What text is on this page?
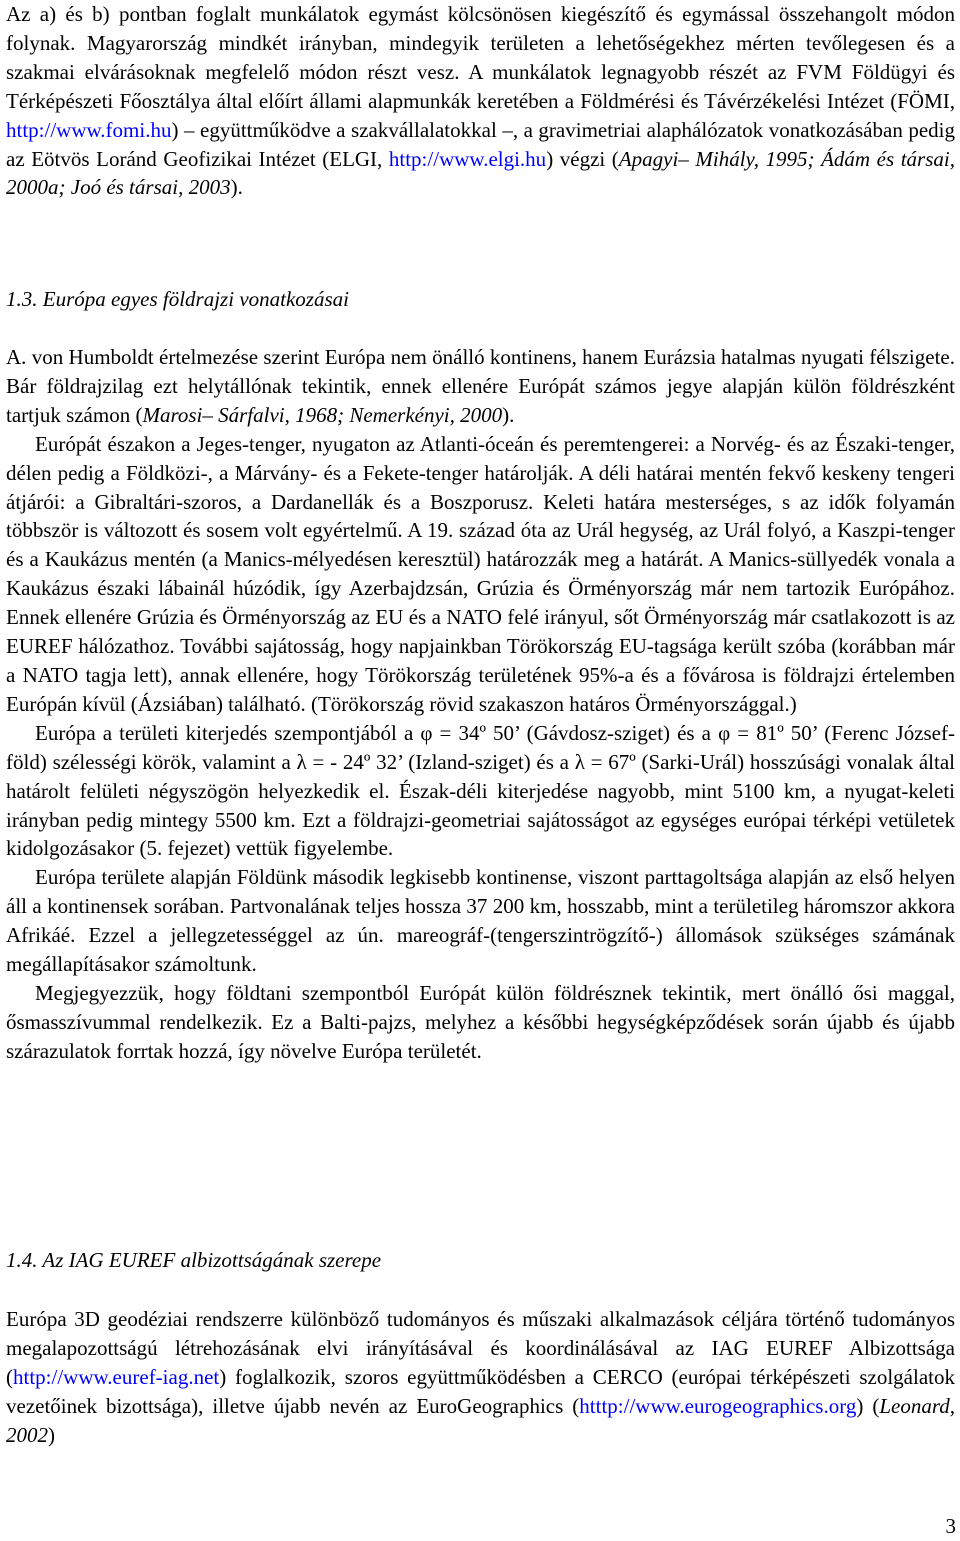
Az a) és b) pontban foglalt munkálatok egymást kölcsönösen kiegészítő és egymással összehangolt módon folynak. Magyarország mindkét irányban, mindegyik területen a lehetőségekhez mérten tevőlegesen és a szakmai elvárásoknak megfelelő módon részt vesz. A munkálatok legnagyobb részét az FVM Földügyi és Térképészeti Főosztálya által előírt állami alapmunkák keretében a Földmérési és Távérzékelési Intézet (FÖMI, http://www.fomi.hu) – együttműködve a szakvállalatokkal –, a gravimetriai alaphálózatok vonatkozásában pedig az Eötvös Loránd Geofizikai Intézet (ELGI, http://www.elgi.hu) végzi (Apagyi– Mihály, 1995; Ádám és társai, 2000a; Joó és társai, 2003).

1.3. Európa egyes földrajzi vonatkozásai

A. von Humboldt értelmezése szerint Európa nem önálló kontinens, hanem Eurázsia hatalmas nyugati félszigete. Bár földrajzilag ezt helytállónak tekintik, ennek ellenére Európát számos jegye alapján külön földrészként tartjuk számon (Marosi– Sárfalvi, 1968; Nemerkényi, 2000).

Európát északon a Jeges-tenger, nyugaton az Atlanti-óceán és peremtengerei: a Norvég- és az Északi-tenger, délen pedig a Földközi-, a Márvány- és a Fekete-tenger határolják. A déli határai mentén fekvő keskeny tengeri átjárói: a Gibraltári-szoros, a Dardanellák és a Boszporusz. Keleti határa mesterséges, s az idők folyamán többször is változott és sosem volt egyértelmű. A 19. század óta az Urál hegység, az Urál folyó, a Kaszpi-tenger és a Kaukázus mentén (a Manics-mélyedésen keresztül) határozzák meg a határát. A Manics-süllyedék vonala a Kaukázus északi lábainál húzódik, így Azerbajdzsán, Grúzia és Örményország már nem tartozik Európához. Ennek ellenére Grúzia és Örményország az EU és a NATO felé irányul, sőt Örményország már csatlakozott is az EUREF hálózathoz. További sajátosság, hogy napjainkban Törökország EU-tagsága került szóba (korábban már a NATO tagja lett), annak ellenére, hogy Törökország területének 95%-a és a fővárosa is földrajzi értelemben Európán kívül (Ázsiában) található. (Törökország rövid szakaszon határos Örményországgal.)

Európa a területi kiterjedés szempontjából a φ = 34º 50’ (Gávdosz-sziget) és a φ = 81º 50’ (Ferenc József-föld) szélességi körök, valamint a λ = - 24º 32’ (Izland-sziget) és a λ = 67º (Sarki-Urál) hosszúsági vonalak által határolt felületi négyszögön helyezkedik el. Észak-déli kiterjedése nagyobb, mint 5100 km, a nyugat-keleti irányban pedig mintegy 5500 km. Ezt a földrajzi-geometriai sajátosságot az egységes európai térképi vetületek kidolgozásakor (5. fejezet) vettük figyelembe.

Európa területe alapján Földünk második legkisebb kontinense, viszont parttagoltsága alapján az első helyen áll a kontinensek sorában. Partvonalának teljes hossza 37 200 km, hosszabb, mint a területileg háromszor akkora Afrikáé. Ezzel a jellegzetességgel az ún. mareográf-(tengerszintrögzítő-) állomások szükséges számának megállapításakor számoltunk.

Megjegyezzük, hogy földtani szempontból Európát külön földrésznek tekintik, mert önálló ősi maggal, ősmasszívummal rendelkezik. Ez a Balti-pajzs, melyhez a későbbi hegységképződések során újabb és újabb szárazulatok forrtak hozzá, így növelve Európa területét.

1.4. Az IAG EUREF albizottságának szerepe

Európa 3D geodéziai rendszerre különböző tudományos és műszaki alkalmazások céljára történő tudományos megalapozottságú létrehozásának elvi irányításával és koordinálásával az IAG EUREF Albizottsága (http://www.euref-iag.net) foglalkozik, szoros együttműködésben a CERCO (európai térképészeti szolgálatok vezetőinek bizottsága), illetve újabb nevén az EuroGeographics (htttp://www.eurogeographics.org) (Leonard, 2002)

3
